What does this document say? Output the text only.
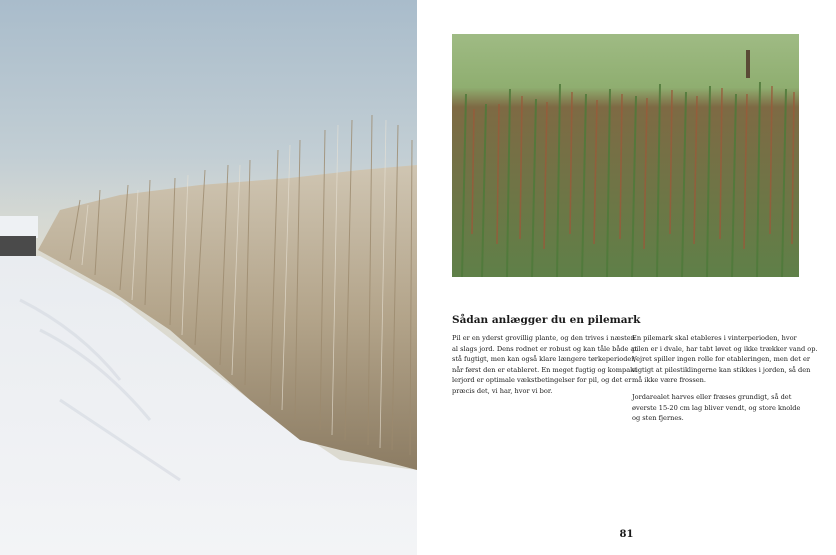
Sådan anlægger du en pilemark

Pil er en yderst grovillig plante, og den trives i næsten
al slags jord. Dens rodnet er robust og kan tåle både at
stå fugtigt, men kan også klare længere tørkeperioder,
når først den er etableret. En meget fugtig og kompakt
lerjord er optimale vækstbetingelser for pil, og det er
præcis det, vi har, hvor vi bor.

En pilemark skal etableres i vinterperioden, hvor
pilen er i dvale, har tabt løvet og ikke trækker vand op.
Vejret spiller ingen rolle for etableringen, men det er
vigtigt at pilestiklingerne kan stikkes i jorden, så den
må ikke være frossen.

Jordarealet harves eller fræses grundigt, så det
øverste 15-20 cm lag bliver vendt, og store knolde
og sten fjernes.

81
